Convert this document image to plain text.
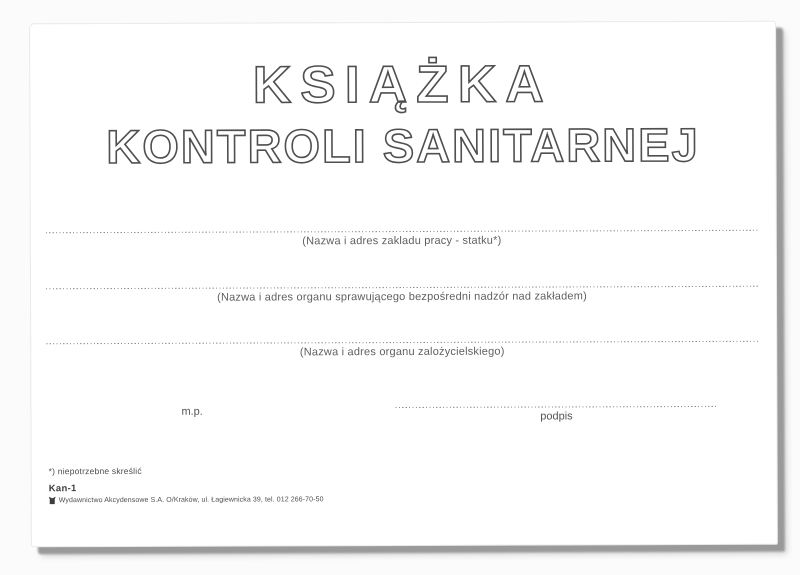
KSIĄŻKA
KONTROLI SANITARNEJ
(Nazwa i adres zakladu pracy - statku*)
(Nazwa i adres organu sprawującego bezpośredni nadzór nad zakładem)
(Nazwa i adres organu zalożycielskiego)
m.p.	podpis
*) niepotrzebne skreślić
Kan-1
Wydawnictwo Akcydensowe S.A. O/Kraków, ul. Łagiewnicka 39, tel. 012 266-70-50
